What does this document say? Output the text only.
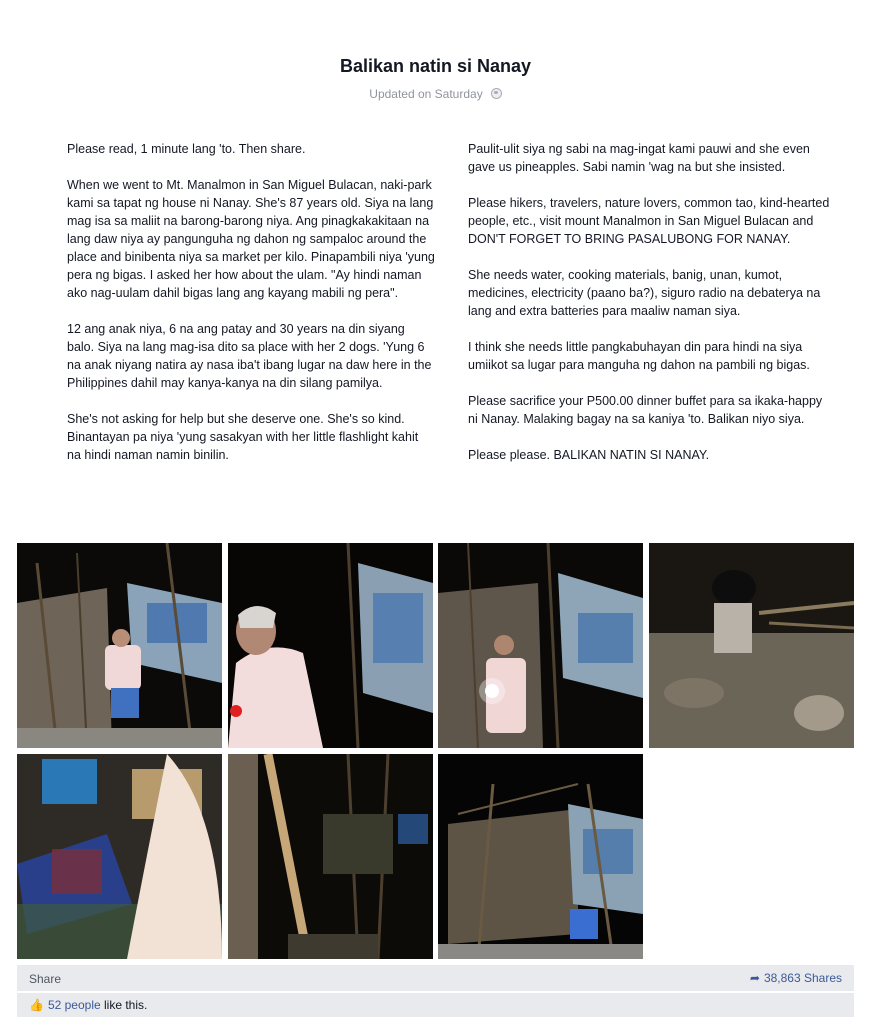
Balikan natin si Nanay
Updated on Saturday

Please read, 1 minute lang 'to. Then share.

When we went to Mt. Manalmon in San Miguel Bulacan, naki-park kami sa tapat ng house ni Nanay. She's 87 years old. Siya na lang mag isa sa maliit na barong-barong niya. Ang pinagkakakitaan na lang daw niya ay pangunguha ng dahon ng sampaloc around the place and binibenta niya sa market per kilo. Pinapambili niya 'yung pera ng bigas. I asked her how about the ulam. "Ay hindi naman ako nag-uulam dahil bigas lang ang kayang mabili ng pera".

12 ang anak niya, 6 na ang patay and 30 years na din siyang balo. Siya na lang mag-isa dito sa place with her 2 dogs. 'Yung 6 na anak niyang natira ay nasa iba't ibang lugar na daw here in the Philippines dahil may kanya-kanya na din silang pamilya.

She's not asking for help but she deserve one. She's so kind. Binantayan pa niya 'yung sasakyan with her little flashlight kahit na hindi naman namin binilin.

Paulit-ulit siya ng sabi na mag-ingat kami pauwi and she even gave us pineapples. Sabi namin 'wag na but she insisted.

Please hikers, travelers, nature lovers, common tao, kind-hearted people, etc., visit mount Manalmon in San Miguel Bulacan and DON'T FORGET TO BRING PASALUBONG FOR NANAY.

She needs water, cooking materials, banig, unan, kumot, medicines, electricity (paano ba?), siguro radio na debaterya na lang and extra batteries para maaliw naman siya.

I think she needs little pangkabuhayan din para hindi na siya umiikot sa lugar para manguha ng dahon na pambili ng bigas.

Please sacrifice your P500.00 dinner buffet para sa ikaka-happy ni Nanay. Malaking bagay na sa kaniya 'to. Balikan niyo siya.

Please please. BALIKAN NATIN SI NANAY.

Share	➦ 38,863 Shares
👍 52 people like this.
